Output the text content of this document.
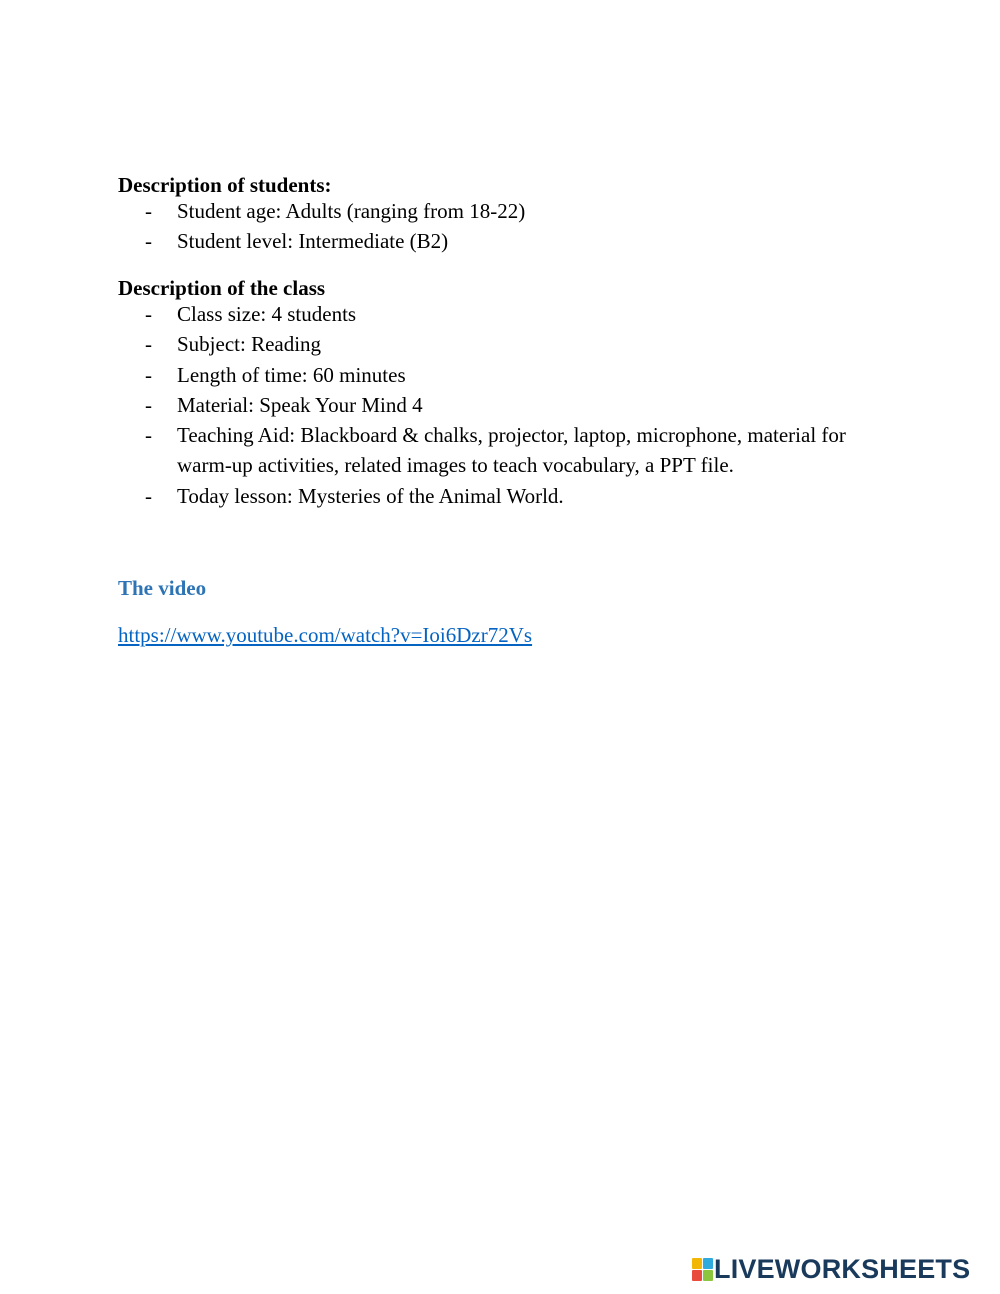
Description of students:
- Student age: Adults (ranging from 18-22)
- Student level: Intermediate (B2)
Description of the class
- Class size: 4 students
- Subject: Reading
- Length of time: 60 minutes
- Material: Speak Your Mind 4
- Teaching Aid: Blackboard & chalks, projector, laptop, microphone, material for warm-up activities, related images to teach vocabulary, a PPT file.
- Today lesson: Mysteries of the Animal World.
The video
https://www.youtube.com/watch?v=Ioi6Dzr72Vs
LIVEWORKSHEETS
